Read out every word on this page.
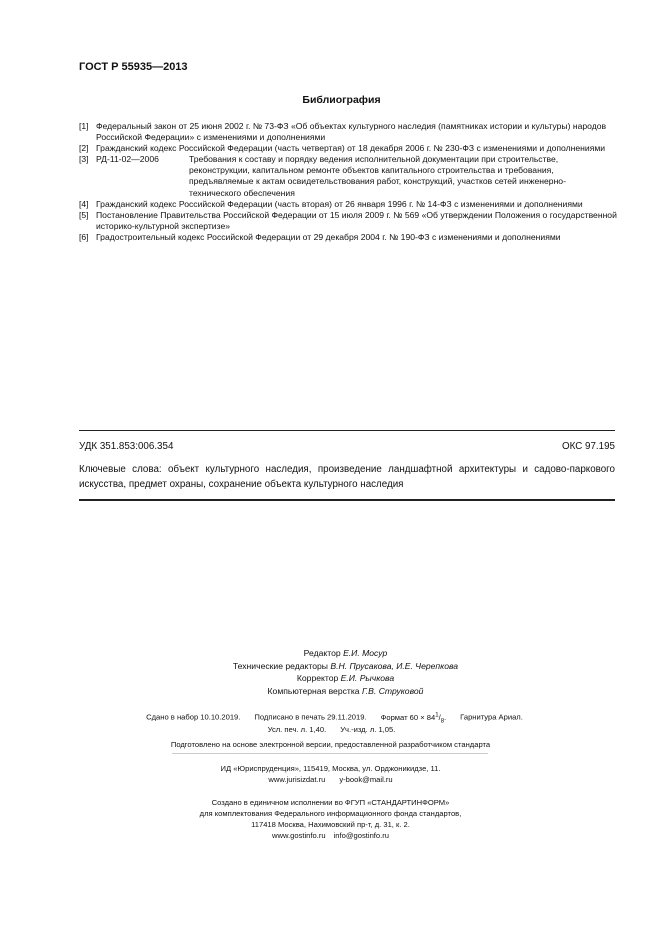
ГОСТ Р 55935—2013
Библиография
[1] Федеральный закон от 25 июня 2002 г. № 73-ФЗ «Об объектах культурного наследия (памятниках истории и культуры) народов Российской Федерации» с изменениями и дополнениями
[2] Гражданский кодекс Российской Федерации (часть четвертая) от 18 декабря 2006 г. № 230-ФЗ с изменениями и дополнениями
[3] РД-11-02—2006	Требования к составу и порядку ведения исполнительной документации при строительстве, реконструкции, капитальном ремонте объектов капитального строительства и требования, предъявляемые к актам освидетельствования работ, конструкций, участков сетей инженерно-технического обеспечения
[4] Гражданский кодекс Российской Федерации (часть вторая) от 26 января 1996 г. № 14-ФЗ с изменениями и дополнениями
[5] Постановление Правительства Российской Федерации от 15 июля 2009 г. № 569 «Об утверждении Положения о государственной историко-культурной экспертизе»
[6] Градостроительный кодекс Российской Федерации от 29 декабря 2004 г. № 190-ФЗ с изменениями и дополнениями
УДК 351.853:006.354	ОКС 97.195
Ключевые слова: объект культурного наследия, произведение ландшафтной архитектуры и садово-паркового искусства, предмет охраны, сохранение объекта культурного наследия
Редактор Е.И. Мосур
Технические редакторы В.Н. Прусакова, И.Е. Черепкова
Корректор Е.И. Рычкова
Компьютерная верстка Г.В. Струковой
Сдано в набор 10.10.2019. Подписано в печать 29.11.2019. Формат $60 \times 84^1/_8$. Гарнитура Ариал.
Усл. печ. л. 1,40. Уч.-изд. л. 1,05.
Подготовлено на основе электронной версии, предоставленной разработчиком стандарта
ИД «Юриспруденция», 115419, Москва, ул. Орджоникидзе, 11.
www.jurisizdat.ru y-book@mail.ru
Создано в единичном исполнении во ФГУП «СТАНДАРТИНФОРМ»
для комплектования Федерального информационного фонда стандартов,
117418 Москва, Нахимовский пр-т, д. 31, к. 2.
www.gostinfo.ru info@gostinfo.ru
